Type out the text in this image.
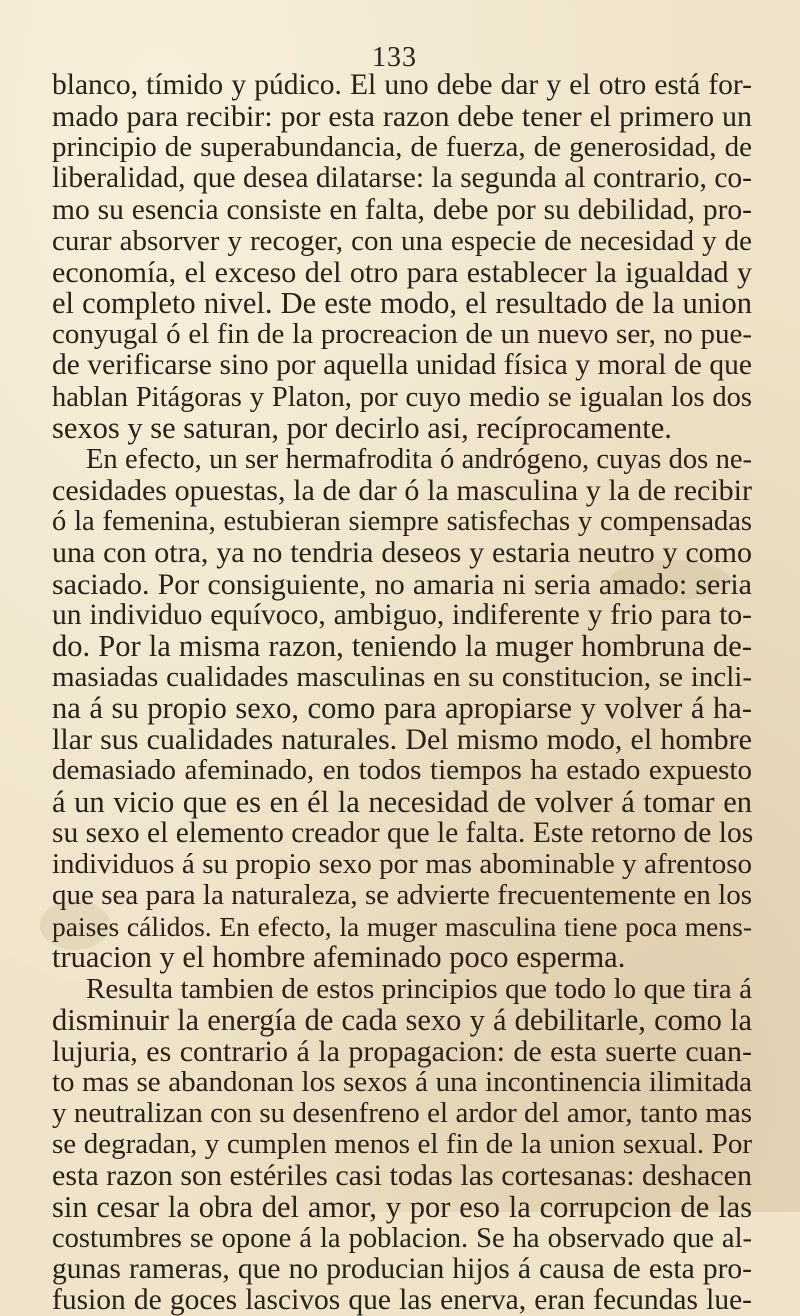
133
blanco, tímido y púdico. El uno debe dar y el otro está for-
mado para recibir: por esta razon debe tener el primero un
principio de superabundancia, de fuerza, de generosidad, de
liberalidad, que desea dilatarse: la segunda al contrario, co-
mo su esencia consiste en falta, debe por su debilidad, pro-
curar absorver y recoger, con una especie de necesidad y de
economía, el exceso del otro para establecer la igualdad y
el completo nivel. De este modo, el resultado de la union
conyugal ó el fin de la procreacion de un nuevo ser, no pue-
de verificarse sino por aquella unidad física y moral de que
hablan Pitágoras y Platon, por cuyo medio se igualan los dos
sexos y se saturan, por decirlo asi, recíprocamente.
En efecto, un ser hermafrodita ó andrógeno, cuyas dos ne-
cesidades opuestas, la de dar ó la masculina y la de recibir
ó la femenina, estubieran siempre satisfechas y compensadas
una con otra, ya no tendria deseos y estaria neutro y como
saciado. Por consiguiente, no amaria ni seria amado: seria
un individuo equívoco, ambiguo, indiferente y frio para to-
do. Por la misma razon, teniendo la muger hombruna de-
masiadas cualidades masculinas en su constitucion, se incli-
na á su propio sexo, como para apropiarse y volver á ha-
llar sus cualidades naturales. Del mismo modo, el hombre
demasiado afeminado, en todos tiempos ha estado expuesto
á un vicio que es en él la necesidad de volver á tomar en
su sexo el elemento creador que le falta. Este retorno de los
individuos á su propio sexo por mas abominable y afrentoso
que sea para la naturaleza, se advierte frecuentemente en los
paises cálidos. En efecto, la muger masculina tiene poca mens-
truacion y el hombre afeminado poco esperma.
Resulta tambien de estos principios que todo lo que tira á
disminuir la energía de cada sexo y á debilitarle, como la
lujuria, es contrario á la propagacion: de esta suerte cuan-
to mas se abandonan los sexos á una incontinencia ilimitada
y neutralizan con su desenfreno el ardor del amor, tanto mas
se degradan, y cumplen menos el fin de la union sexual. Por
esta razon son estériles casi todas las cortesanas: deshacen
sin cesar la obra del amor, y por eso la corrupcion de las
costumbres se opone á la poblacion. Se ha observado que al-
gunas rameras, que no producian hijos á causa de esta pro-
fusion de goces lascivos que las enerva, eran fecundas lue-
